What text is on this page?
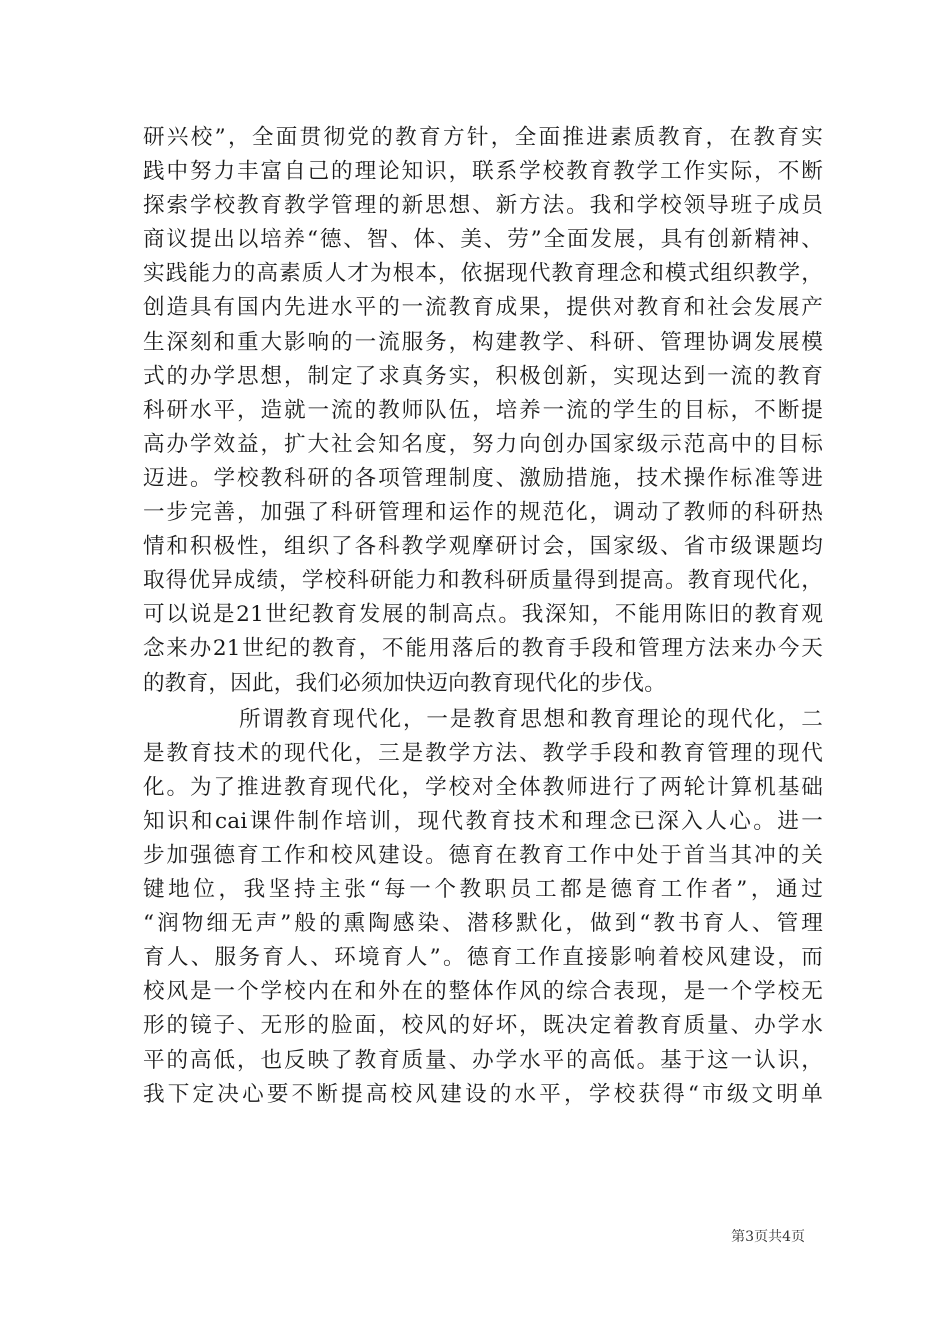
研兴校”，全面贯彻党的教育方针，全面推进素质教育，在教育实
践中努力丰富自己的理论知识，联系学校教育教学工作实际，不断
探索学校教育教学管理的新思想、新方法。我和学校领导班子成员
商议提出以培养“德、智、体、美、劳”全面发展，具有创新精神、
实践能力的高素质人才为根本，依据现代教育理念和模式组织教学，
创造具有国内先进水平的一流教育成果，提供对教育和社会发展产
生深刻和重大影响的一流服务，构建教学、科研、管理协调发展模
式的办学思想，制定了求真务实，积极创新，实现达到一流的教育
科研水平，造就一流的教师队伍，培养一流的学生的目标，不断提
高办学效益，扩大社会知名度，努力向创办国家级示范高中的目标
迈进。学校教科研的各项管理制度、激励措施，技术操作标准等进
一步完善，加强了科研管理和运作的规范化，调动了教师的科研热
情和积极性，组织了各科教学观摩研讨会，国家级、省市级课题均
取得优异成绩，学校科研能力和教科研质量得到提高。教育现代化，
可以说是21世纪教育发展的制高点。我深知，不能用陈旧的教育观
念来办21世纪的教育，不能用落后的教育手段和管理方法来办今天
的教育，因此，我们必须加快迈向教育现代化的步伐。
所谓教育现代化，一是教育思想和教育理论的现代化，二
是教育技术的现代化，三是教学方法、教学手段和教育管理的现代
化。为了推进教育现代化，学校对全体教师进行了两轮计算机基础
知识和cai课件制作培训，现代教育技术和理念已深入人心。进一
步加强德育工作和校风建设。德育在教育工作中处于首当其冲的关
键地位，我坚持主张“每一个教职员工都是德育工作者”，通过
“润物细无声”般的熏陶感染、潜移默化，做到“教书育人、管理
育人、服务育人、环境育人”。德育工作直接影响着校风建设，而
校风是一个学校内在和外在的整体作风的综合表现，是一个学校无
形的镜子、无形的脸面，校风的好坏，既决定着教育质量、办学水
平的高低，也反映了教育质量、办学水平的高低。基于这一认识，
我下定决心要不断提高校风建设的水平，学校获得“市级文明单
第3页共4页
